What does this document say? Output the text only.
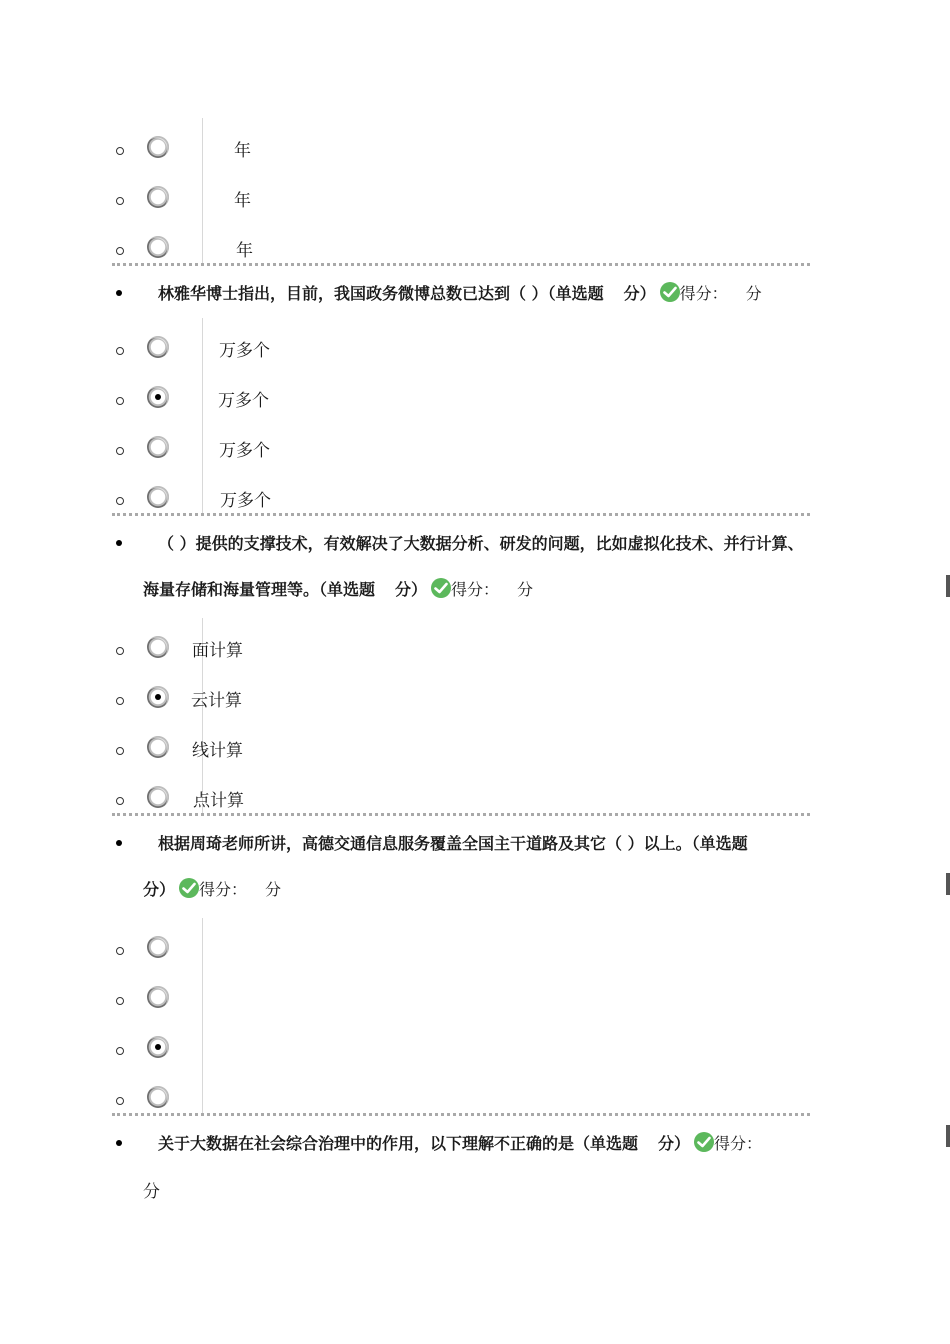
年
年
年
林雅华博士指出，目前，我国政务微博总数已达到（ ）（单选题 分） 得分： 分
万多个
万多个
万多个
万多个
（ ）提供的支撑技术，有效解决了大数据分析、研发的问题，比如虚拟化技术、并行计算、
海量存储和海量管理等。（单选题 分） 得分： 分
面计算
云计算
线计算
点计算
根据周琦老师所讲，高德交通信息服务覆盖全国主干道路及其它（ ）以上。（单选题
分） 得分： 分
关于大数据在社会综合治理中的作用，以下理解不正确的是（单选题 分） 得分：
分
